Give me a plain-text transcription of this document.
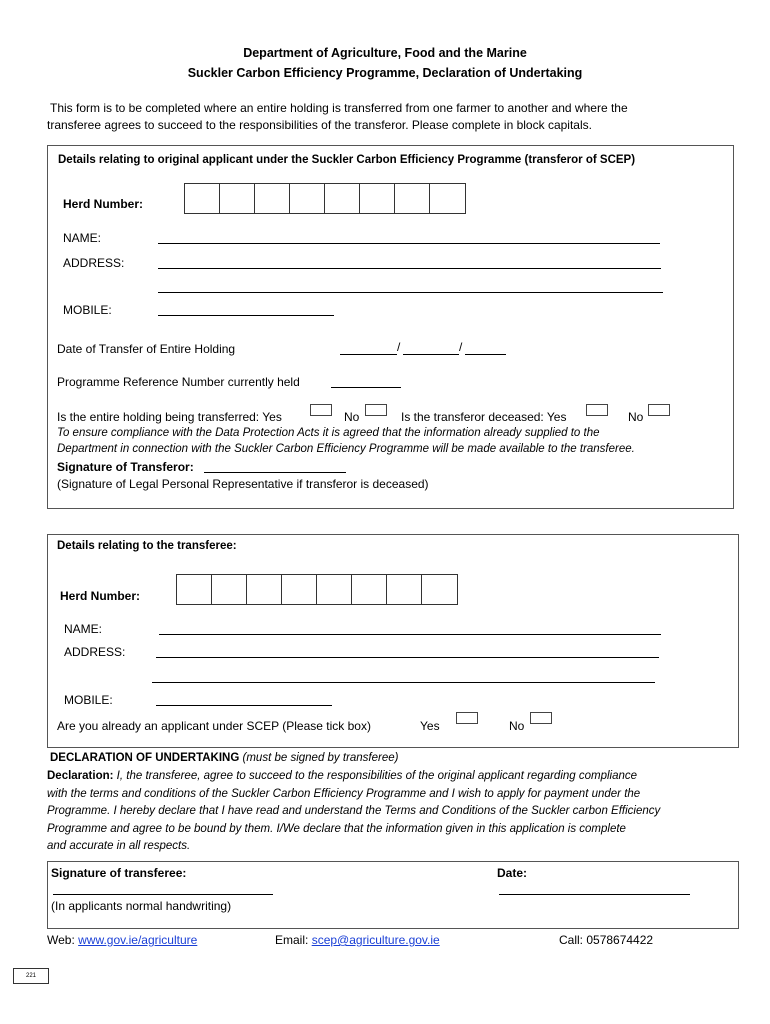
Department of Agriculture, Food and the Marine
Suckler Carbon Efficiency Programme, Declaration of Undertaking
This form is to be completed where an entire holding is transferred from one farmer to another and where the
transferee agrees to succeed to the responsibilities of the transferor. Please complete in block capitals.
Details relating to original applicant under the Suckler Carbon Efficiency Programme (transferor of SCEP)
Herd Number:
NAME:
ADDRESS:
MOBILE:
Date of Transfer of Entire Holding	/	/
Programme Reference Number currently held
Is the entire holding being transferred: Yes	No	Is the transferor deceased: Yes	No
To ensure compliance with the Data Protection Acts it is agreed that the information already supplied to the
Department in connection with the Suckler Carbon Efficiency Programme will be made available to the transferee.
Signature of Transferor:
(Signature of Legal Personal Representative if transferor is deceased)
Details relating to the transferee:
Herd Number:
NAME:
ADDRESS:
MOBILE:
Are you already an applicant under SCEP (Please tick box)	Yes	No
DECLARATION OF UNDERTAKING (must be signed by transferee)
Declaration: I, the transferee, agree to succeed to the responsibilities of the original applicant regarding compliance
with the terms and conditions of the Suckler Carbon Efficiency Programme and I wish to apply for payment under the
Programme. I hereby declare that I have read and understand the Terms and Conditions of the Suckler carbon Efficiency
Programme and agree to be bound by them. I/We declare that the information given in this application is complete
and accurate in all respects.
Signature of transferee:	Date:
(In applicants normal handwriting)
Web: www.gov.ie/agriculture	Email: scep@agriculture.gov.ie	Call: 0578674422
221
